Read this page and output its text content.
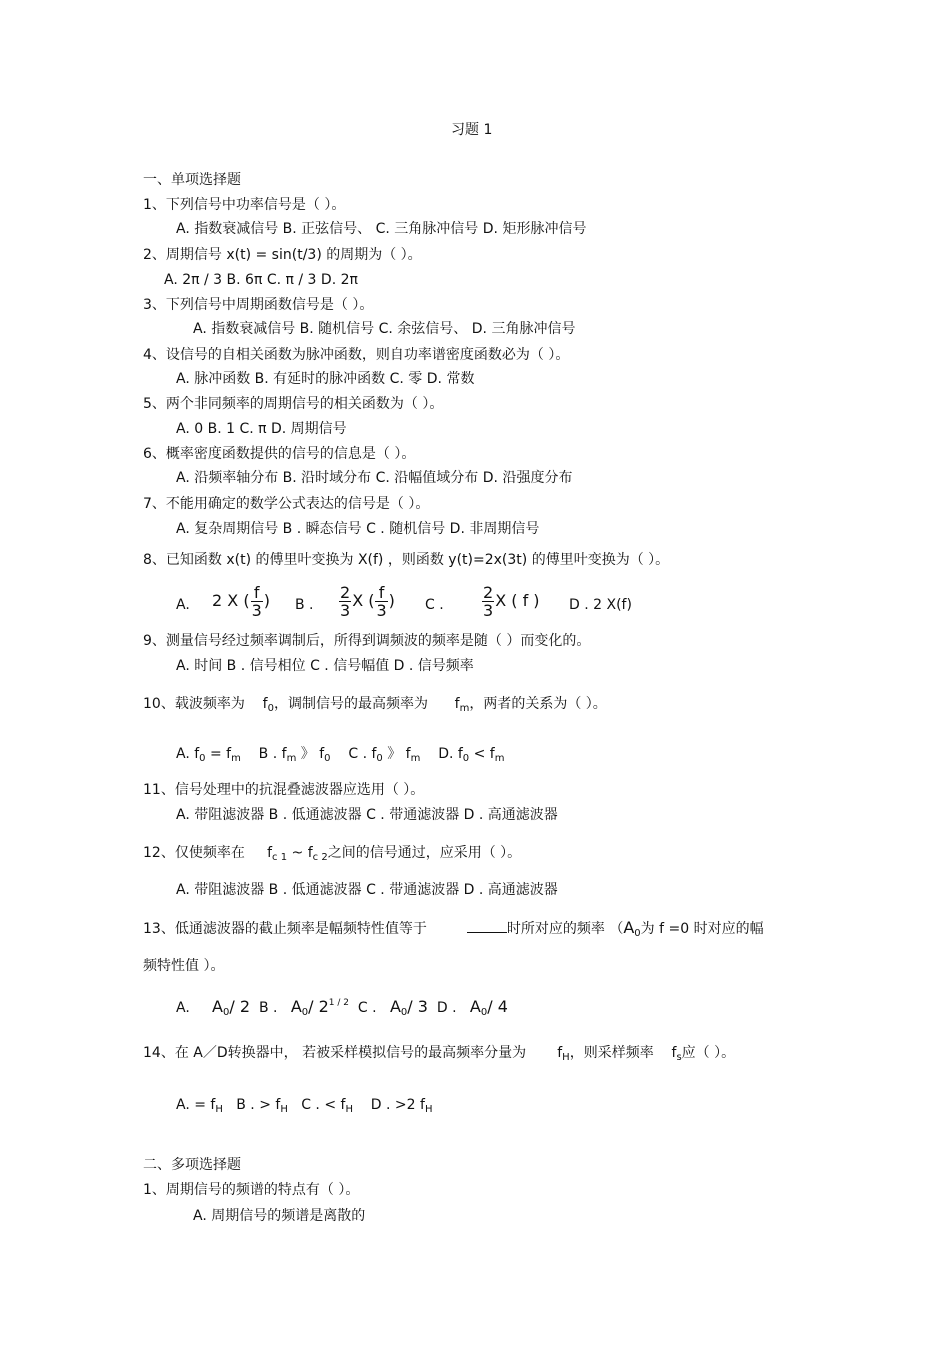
习题 1
一、单项选择题
1、下列信号中功率信号是（ ）。
A. 指数衰减信号 B. 正弦信号、 C. 三角脉冲信号 D. 矩形脉冲信号
2、周期信号 x(t) = sin(t/3) 的周期为（ ）。
A. 2π / 3 B. 6π C. π / 3 D. 2π
3、下列信号中周期函数信号是（ ）。
A. 指数衰减信号 B. 随机信号 C. 余弦信号、 D. 三角脉冲信号
4、设信号的自相关函数为脉冲函数，则自功率谱密度函数必为（ ）。
A. 脉冲函数 B. 有延时的脉冲函数 C. 零 D. 常数
5、两个非同频率的周期信号的相关函数为（ ）。
A. 0 B. 1 C. π D. 周期信号
6、概率密度函数提供的信号的信息是（ ）。
A. 沿频率轴分布 B. 沿时域分布 C. 沿幅值域分布 D. 沿强度分布
7、不能用确定的数学公式表达的信号是（ ）。
A. 复杂周期信号 B . 瞬态信号 C . 随机信号 D. 非周期信号
8、已知函数 x(t) 的傅里叶变换为 X(f) ，则函数 y(t)=2x(3t) 的傅里叶变换为（ ）。
A. 2 X ( $\frac{f}{3}$ ) B . $\frac{2}{3}$ X ( $\frac{f}{3}$ ) C . $\frac{2}{3}$ X ( f ) D . 2 X(f)
9、测量信号经过频率调制后，所得到调频波的频率是随（ ）而变化的。
A. 时间 B . 信号相位 C . 信号幅值 D . 信号频率
10、载波频率为 $f_0$，调制信号的最高频率为 $f_m$，两者的关系为（ ）。
A. $f_0 = f_m$ B . $f_m$ 》 $f_0$ C . $f_0$ 》 $f_m$ D. $f_0 < f_m$
11、信号处理中的抗混叠滤波器应选用（ ）。
A. 带阻滤波器 B . 低通滤波器 C . 带通滤波器 D . 高通滤波器
12、仅使频率在 $f_{c 1}$ ~ $f_{c 2}$之间的信号通过，应采用（ ）。
A. 带阻滤波器 B . 低通滤波器 C . 带通滤波器 D . 高通滤波器
13、低通滤波器的截止频率是幅频特性值等于	时所对应的频率 （$A_0$为 f =0 时对应的幅
频特性值 ）。
A. $A_0/$ 2 B . $A_0/$ $2^{1 / 2}$ C . $A_0/$ 3 D . $A_0/$ 4
14、在 A／D转换器中， 若被采样模拟信号的最高频率分量为 $f_H$，则采样频率 $f_s$应（ ）。
A. = $f_H$ B . > $f_H$ C . < $f_H$ D . >2 $f_H$
二、多项选择题
1、周期信号的频谱的特点有（ ）。
A. 周期信号的频谱是离散的
